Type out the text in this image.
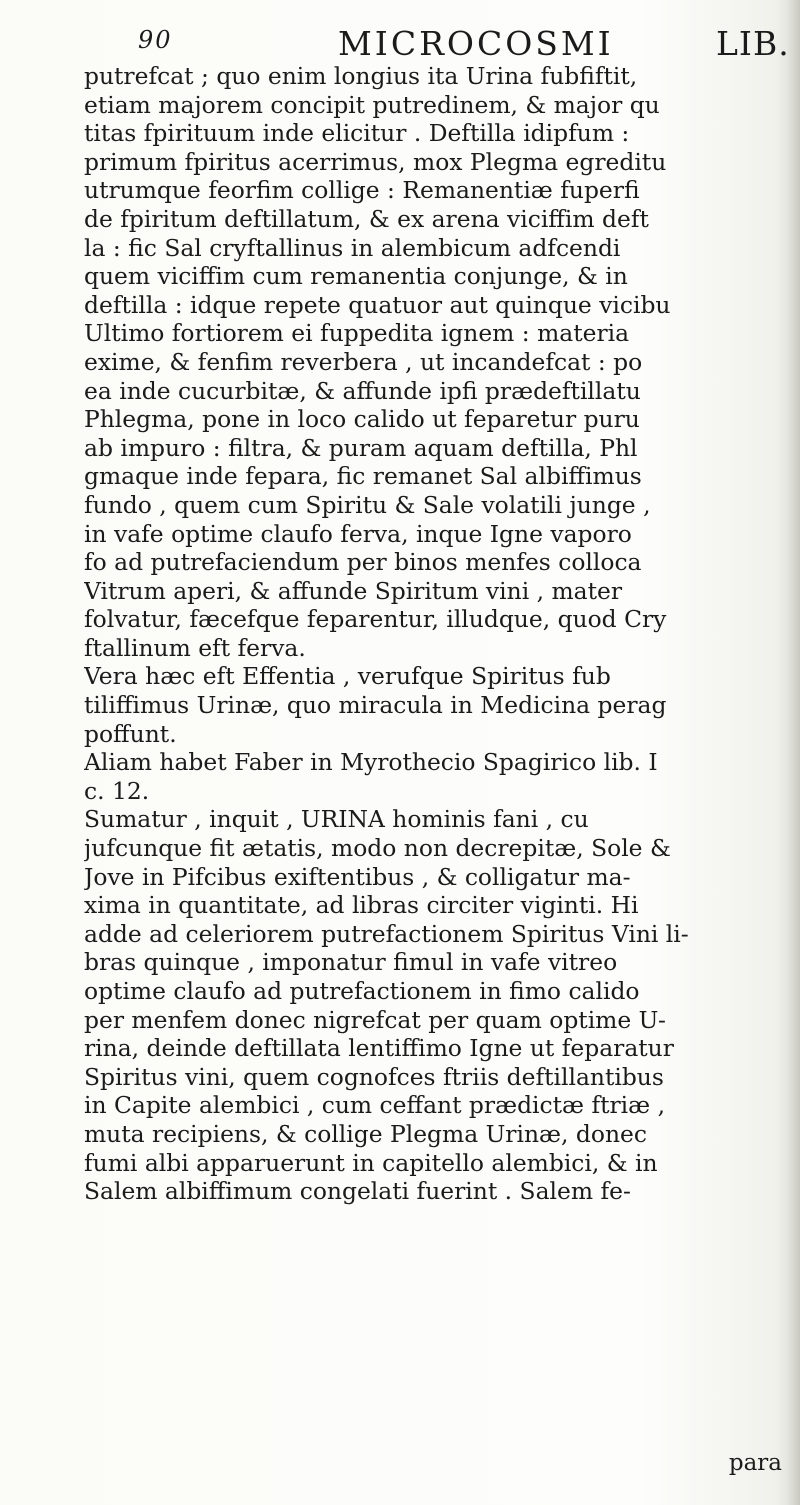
90	MICROCOSMI	LIB.
putrefcat ; quo enim longius ita Urina fubfiftit,
etiam majorem concipit putredinem, & major qu
titas fpirituum inde elicitur . Deftilla idipfum :
primum fpiritus acerrimus, mox Plegma egreditu
utrumque feorfim collige : Remanentiæ fuperfi
de fpiritum deftillatum, & ex arena viciffim deft
la : fic Sal cryftallinus in alembicum adfcendi
quem viciffim cum remanentia conjunge, & in
deftilla : idque repete quatuor aut quinque vicibu
Ultimo fortiorem ei fuppedita ignem : materia
exime, & fenfim reverbera , ut incandefcat : po
ea inde cucurbitæ, & affunde ipfi prædeftillatu
Phlegma, pone in loco calido ut feparetur puru
ab impuro : filtra, & puram aquam deftilla, Phl
gmaque inde fepara, fic remanet Sal albiffimus
fundo , quem cum Spiritu & Sale volatili junge ,
in vafe optime claufo ferva, inque Igne vaporo
fo ad putrefaciendum per binos menfes colloca
Vitrum aperi, & affunde Spiritum vini , mater
folvatur, fæcefque feparentur, illudque, quod Cry
ftallinum eft ferva.
Vera hæc eft Effentia , verufque Spiritus fub
tiliffimus Urinæ, quo miracula in Medicina perag
poffunt.
Aliam habet Faber in Myrothecio Spagirico lib. I
c. 12.
Sumatur , inquit , URINA hominis fani , cu
jufcunque fit ætatis, modo non decrepitæ, Sole &
Jove in Pifcibus exiftentibus , & colligatur ma-
xima in quantitate, ad libras circiter viginti. Hi
adde ad celeriorem putrefactionem Spiritus Vini li-
bras quinque , imponatur fimul in vafe vitreo
optime claufo ad putrefactionem in fimo calido
per menfem donec nigrefcat per quam optime U-
rina, deinde deftillata lentiffimo Igne ut feparatur
Spiritus vini, quem cognofces ftriis deftillantibus
in Capite alembici , cum ceffant prædictæ ftriæ ,
muta recipiens, & collige Plegma Urinæ, donec
fumi albi apparuerunt in capitello alembici, & in
Salem albiffimum congelati fuerint . Salem fe-
para
